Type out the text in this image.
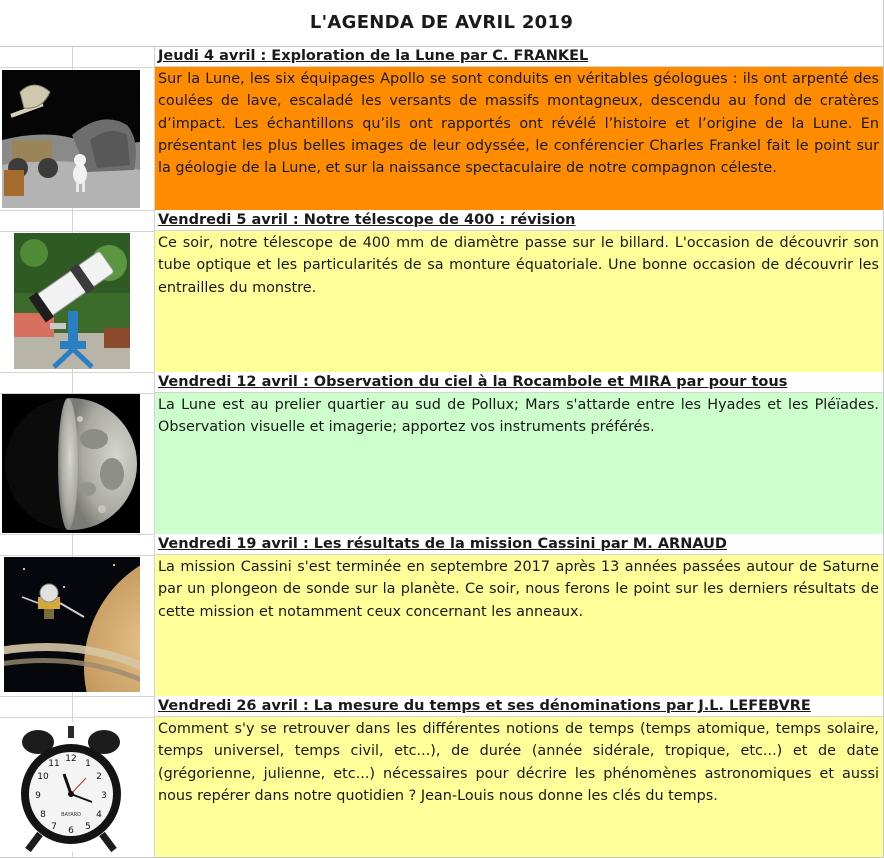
L'AGENDA DE AVRIL 2019
Jeudi 4 avril : Exploration de la Lune par C. FRANKEL
Sur la Lune, les six équipages Apollo se sont conduits en véritables géologues : ils ont arpenté des coulées de lave, escaladé les versants de massifs montagneux, descendu au fond de cratères d’impact. Les échantillons qu’ils ont rapportés ont révélé l’histoire et l’origine de la Lune. En présentant les plus belles images de leur odyssée, le conférencier Charles Frankel fait le point sur la géologie de la Lune, et sur la naissance spectaculaire de notre compagnon céleste.
Vendredi 5 avril : Notre télescope de 400 : révision
Ce soir, notre télescope de 400 mm de diamètre passe sur le billard. L'occasion de découvrir son tube optique et les particularités de sa monture équatoriale. Une bonne occasion de découvrir les entrailles du monstre.
Vendredi 12 avril : Observation du ciel à la Rocambole et MIRA par pour tous
La Lune est au prelier quartier au sud de Pollux; Mars s'attarde entre les Hyades et les Pléïades. Observation visuelle et imagerie; apportez vos instruments préférés.
Vendredi 19 avril : Les résultats de la mission Cassini par M. ARNAUD
La mission Cassini s'est terminée en septembre 2017 après 13 années passées autour de Saturne par un plongeon de sonde sur la planète. Ce soir, nous ferons le point sur les derniers résultats de cette mission et notamment ceux concernant les anneaux.
Vendredi 26 avril : La mesure du temps et ses dénominations par J.L. LEFEBVRE
Comment s'y se retrouver dans les différentes notions de temps (temps atomique, temps solaire, temps universel, temps civil, etc...), de durée (année sidérale, tropique, etc...) et de date (grégorienne, julienne, etc...) nécessaires pour décrire les phénomènes astronomiques et aussi nous repérer dans notre quotidien ? Jean-Louis nous donne les clés du temps.
12
3
6
9
1
2
4
5
7
8
10
11
BAYARD
